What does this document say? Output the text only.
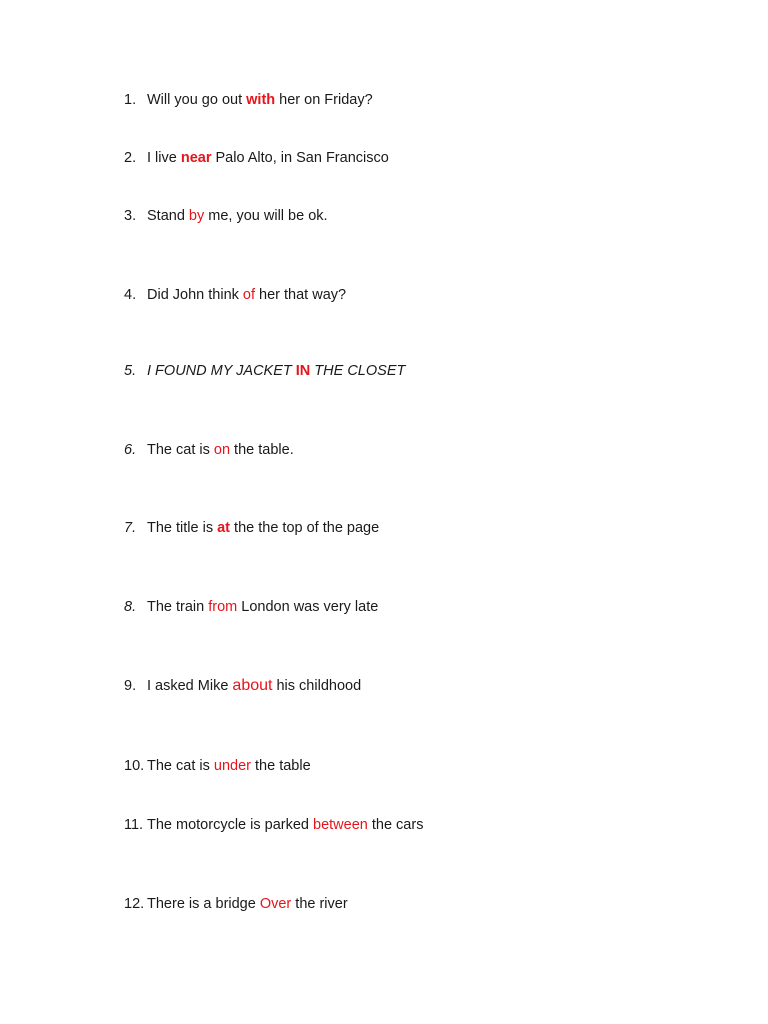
1. Will you go out with her on Friday?
2. I live near Palo Alto, in San Francisco
3. Stand by me, you will be ok.
4. Did John think of her that way?
5. I FOUND MY JACKET IN THE CLOSET
6. The cat is on the table.
7. The title is at the the top of the page
8. The train from London was very late
9. I asked Mike about his childhood
10. The cat is under the table
11. The motorcycle is parked between the cars
12. There is a bridge Over the river
